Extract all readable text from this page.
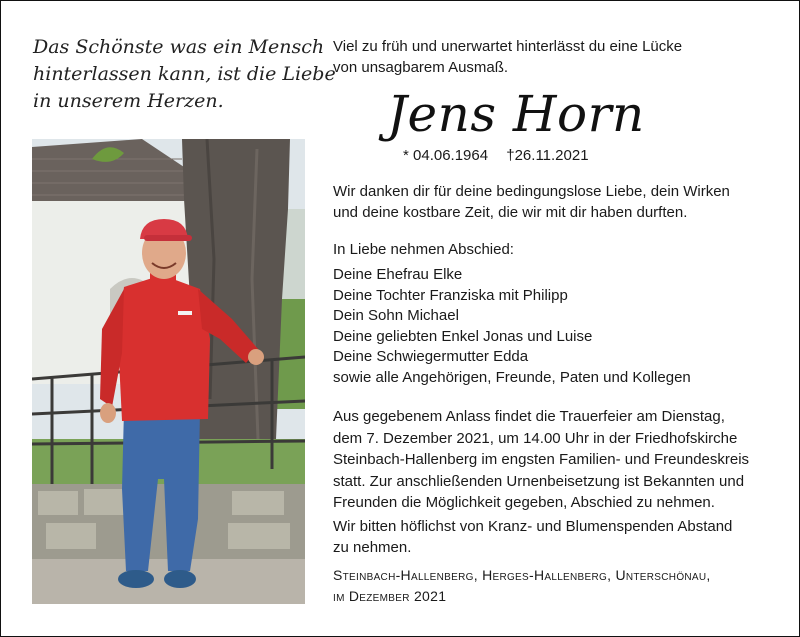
Das Schönste was ein Mensch
hinterlassen kann, ist die Liebe
in unserem Herzen.
Viel zu früh und unerwartet hinterlässt du eine Lücke
von unsagbarem Ausmaß.
Jens Horn
* 04.06.1964 †26.11.2021
Wir danken dir für deine bedingungslose Liebe, dein Wirken
und deine kostbare Zeit, die wir mit dir haben durften.
In Liebe nehmen Abschied:
Deine Ehefrau Elke
Deine Tochter Franziska mit Philipp
Dein Sohn Michael
Deine geliebten Enkel Jonas und Luise
Deine Schwiegermutter Edda
sowie alle Angehörigen, Freunde, Paten und Kollegen
Aus gegebenem Anlass findet die Trauerfeier am Dienstag,
dem 7. Dezember 2021, um 14.00 Uhr in der Friedhofskirche
Steinbach-Hallenberg im engsten Familien- und Freundeskreis
statt. Zur anschließenden Urnenbeisetzung ist Bekannten und
Freunden die Möglichkeit gegeben, Abschied zu nehmen.
Wir bitten höflichst von Kranz- und Blumenspenden Abstand
zu nehmen.
Steinbach-Hallenberg, Herges-Hallenberg, Unterschönau,
im Dezember 2021
